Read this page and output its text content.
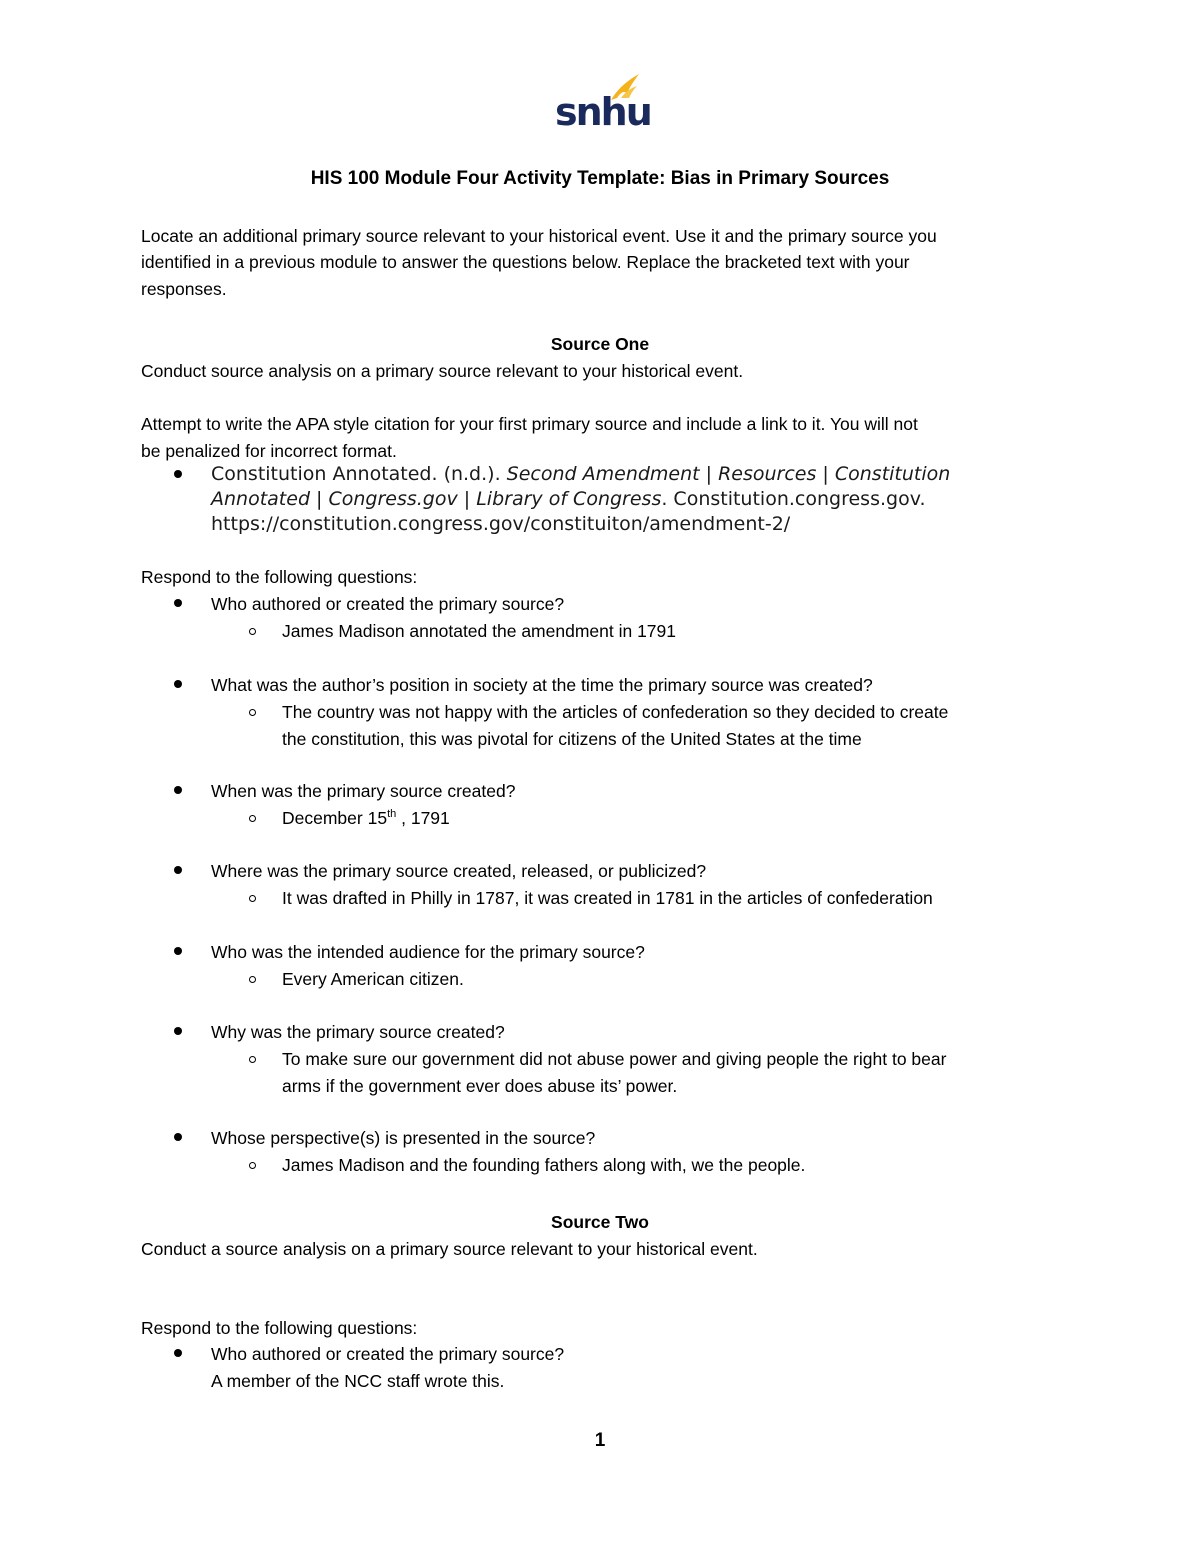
snhu
HIS 100 Module Four Activity Template: Bias in Primary Sources
Locate an additional primary source relevant to your historical event. Use it and the primary source you
identified in a previous module to answer the questions below. Replace the bracketed text with your
responses.
Source One
Conduct source analysis on a primary source relevant to your historical event.
Attempt to write the APA style citation for your first primary source and include a link to it. You will not
be penalized for incorrect format.
Constitution Annotated. (n.d.). Second Amendment | Resources | Constitution
Annotated | Congress.gov | Library of Congress. Constitution.congress.gov.
https://constitution.congress.gov/constituiton/amendment-2/
Respond to the following questions:
Who authored or created the primary source?
James Madison annotated the amendment in 1791
What was the author’s position in society at the time the primary source was created?
The country was not happy with the articles of confederation so they decided to create
the constitution, this was pivotal for citizens of the United States at the time
When was the primary source created?
December 15th , 1791
Where was the primary source created, released, or publicized?
It was drafted in Philly in 1787, it was created in 1781 in the articles of confederation
Who was the intended audience for the primary source?
Every American citizen.
Why was the primary source created?
To make sure our government did not abuse power and giving people the right to bear
arms if the government ever does abuse its’ power.
Whose perspective(s) is presented in the source?
James Madison and the founding fathers along with, we the people.
Source Two
Conduct a source analysis on a primary source relevant to your historical event.
Respond to the following questions:
Who authored or created the primary source?
A member of the NCC staff wrote this.
1
